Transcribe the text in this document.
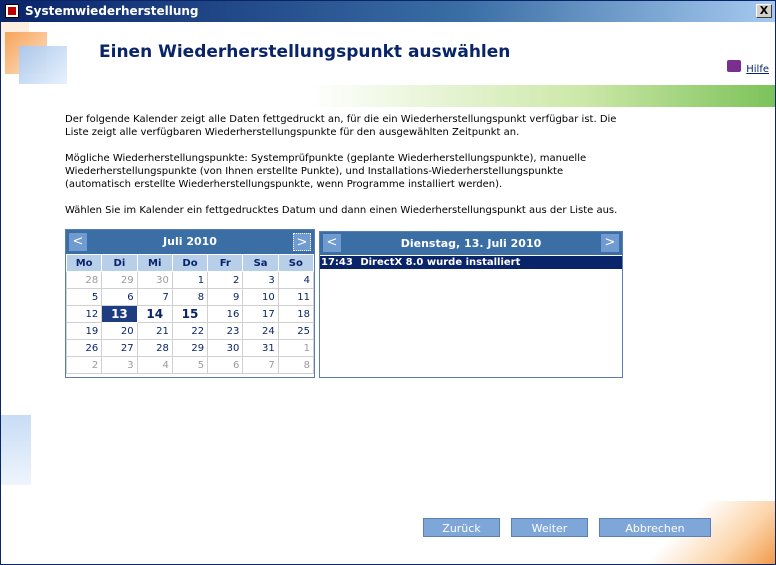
Systemwiederherstellung	X
Einen Wiederherstellungspunkt auswählen
Hilfe

Der folgende Kalender zeigt alle Daten fettgedruckt an, für die ein Wiederherstellungspunkt verfügbar ist. Die Liste zeigt alle verfügbaren Wiederherstellungspunkte für den ausgewählten Zeitpunkt an.

Mögliche Wiederherstellungspunkte: Systemprüfpunkte (geplante Wiederherstellungspunkte), manuelle Wiederherstellungspunkte (von Ihnen erstellte Punkte), und Installations-Wiederherstellungspunkte (automatisch erstellte Wiederherstellungspunkte, wenn Programme installiert werden).

Wählen Sie im Kalender ein fettgedrucktes Datum und dann einen Wiederherstellungspunkt aus der Liste aus.

Juli 2010
<	>
Mo	Di	Mi	Do	Fr	Sa	So
28	29	30	1	2	3	4
5	6	7	8	9	10	11
12	13	14	15	16	17	18
19	20	21	22	23	24	25
26	27	28	29	30	31	1
2	3	4	5	6	7	8
Dienstag, 13. Juli 2010
<	>
17:43 DirectX 8.0 wurde installiert
Zurück	Weiter	Abbrechen
